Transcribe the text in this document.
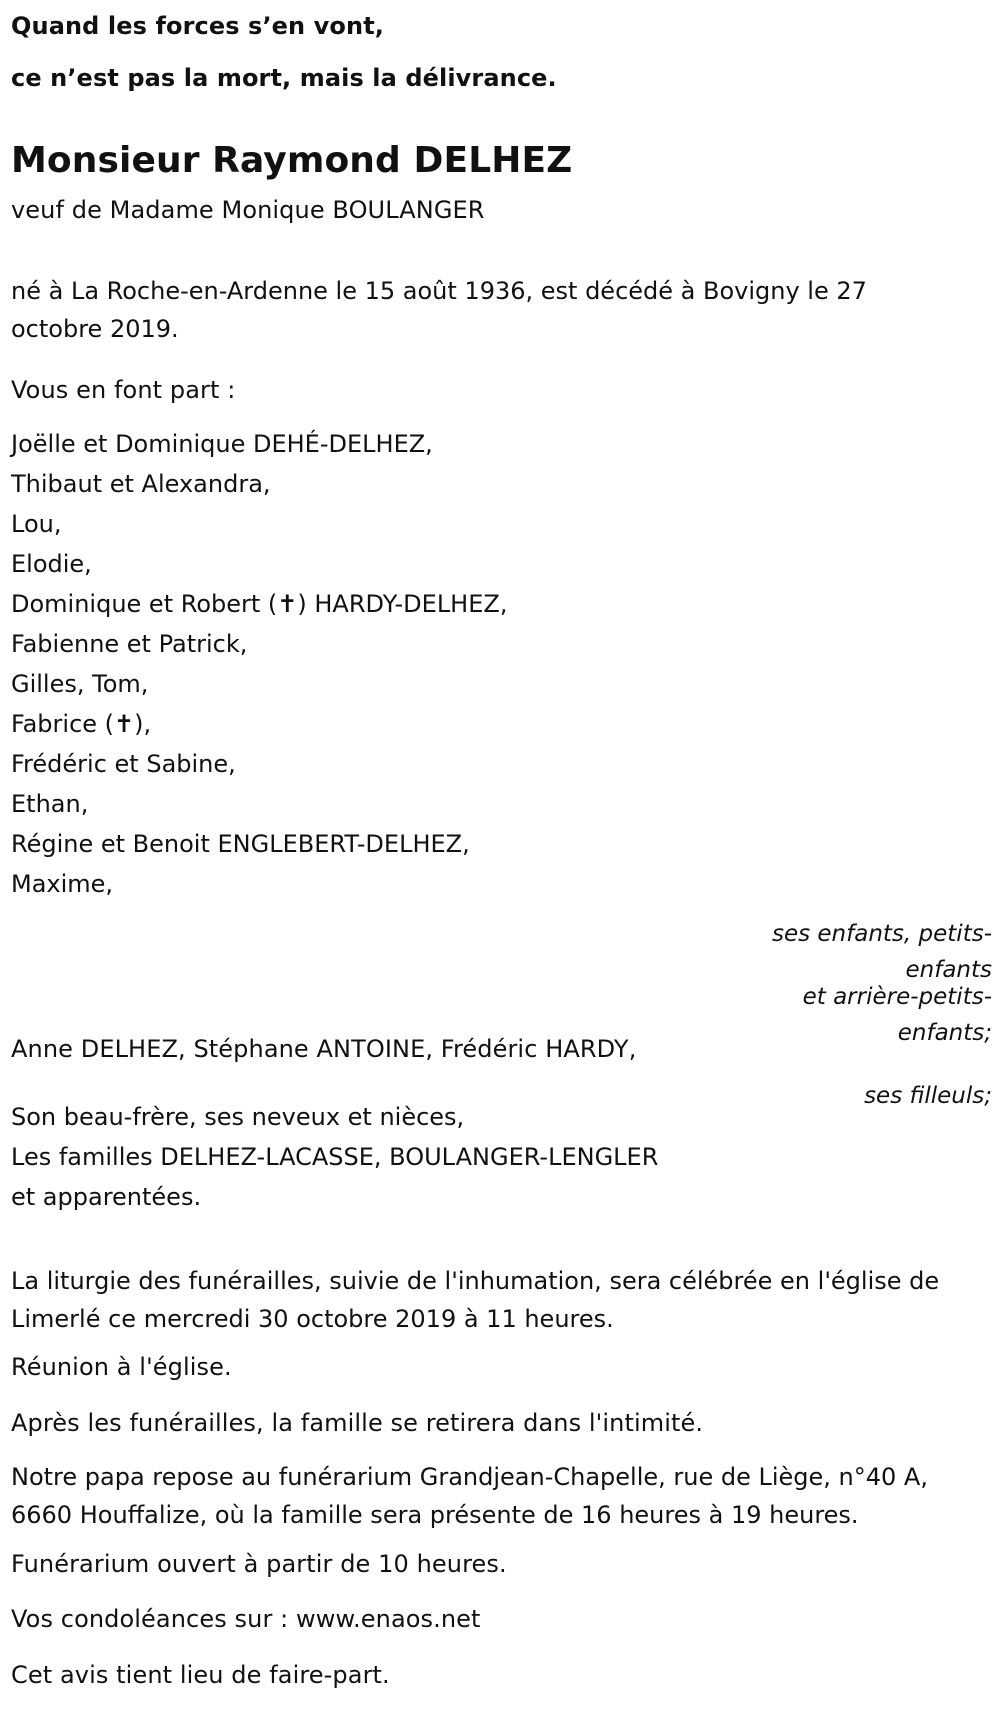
Quand les forces s’en vont,

ce n’est pas la mort, mais la délivrance.

Monsieur Raymond DELHEZ

veuf de Madame Monique BOULANGER

né à La Roche-en-Ardenne le 15 août 1936, est décédé à Bovigny le 27 octobre 2019.

Vous en font part :

Joëlle et Dominique DEHÉ-DELHEZ,
Thibaut et Alexandra,
Lou,
Elodie,
Dominique et Robert (✝) HARDY-DELHEZ,
Fabienne et Patrick,
Gilles, Tom,
Fabrice (✝),
Frédéric et Sabine,
Ethan,
Régine et Benoit ENGLEBERT-DELHEZ,
Maxime,

ses enfants, petits-enfants

et arrière-petits-enfants;

Anne DELHEZ, Stéphane ANTOINE, Frédéric HARDY,

ses filleuls;

Son beau-frère, ses neveux et nièces,
Les familles DELHEZ-LACASSE, BOULANGER-LENGLER
et apparentées.

La liturgie des funérailles, suivie de l'inhumation, sera célébrée en l'église de Limerlé ce mercredi 30 octobre 2019 à 11 heures.

Réunion à l'église.

Après les funérailles, la famille se retirera dans l'intimité.

Notre papa repose au funérarium Grandjean-Chapelle, rue de Liège, n°40 A, 6660 Houffalize, où la famille sera présente de 16 heures à 19 heures.

Funérarium ouvert à partir de 10 heures.

Vos condoléances sur : www.enaos.net

Cet avis tient lieu de faire-part.
